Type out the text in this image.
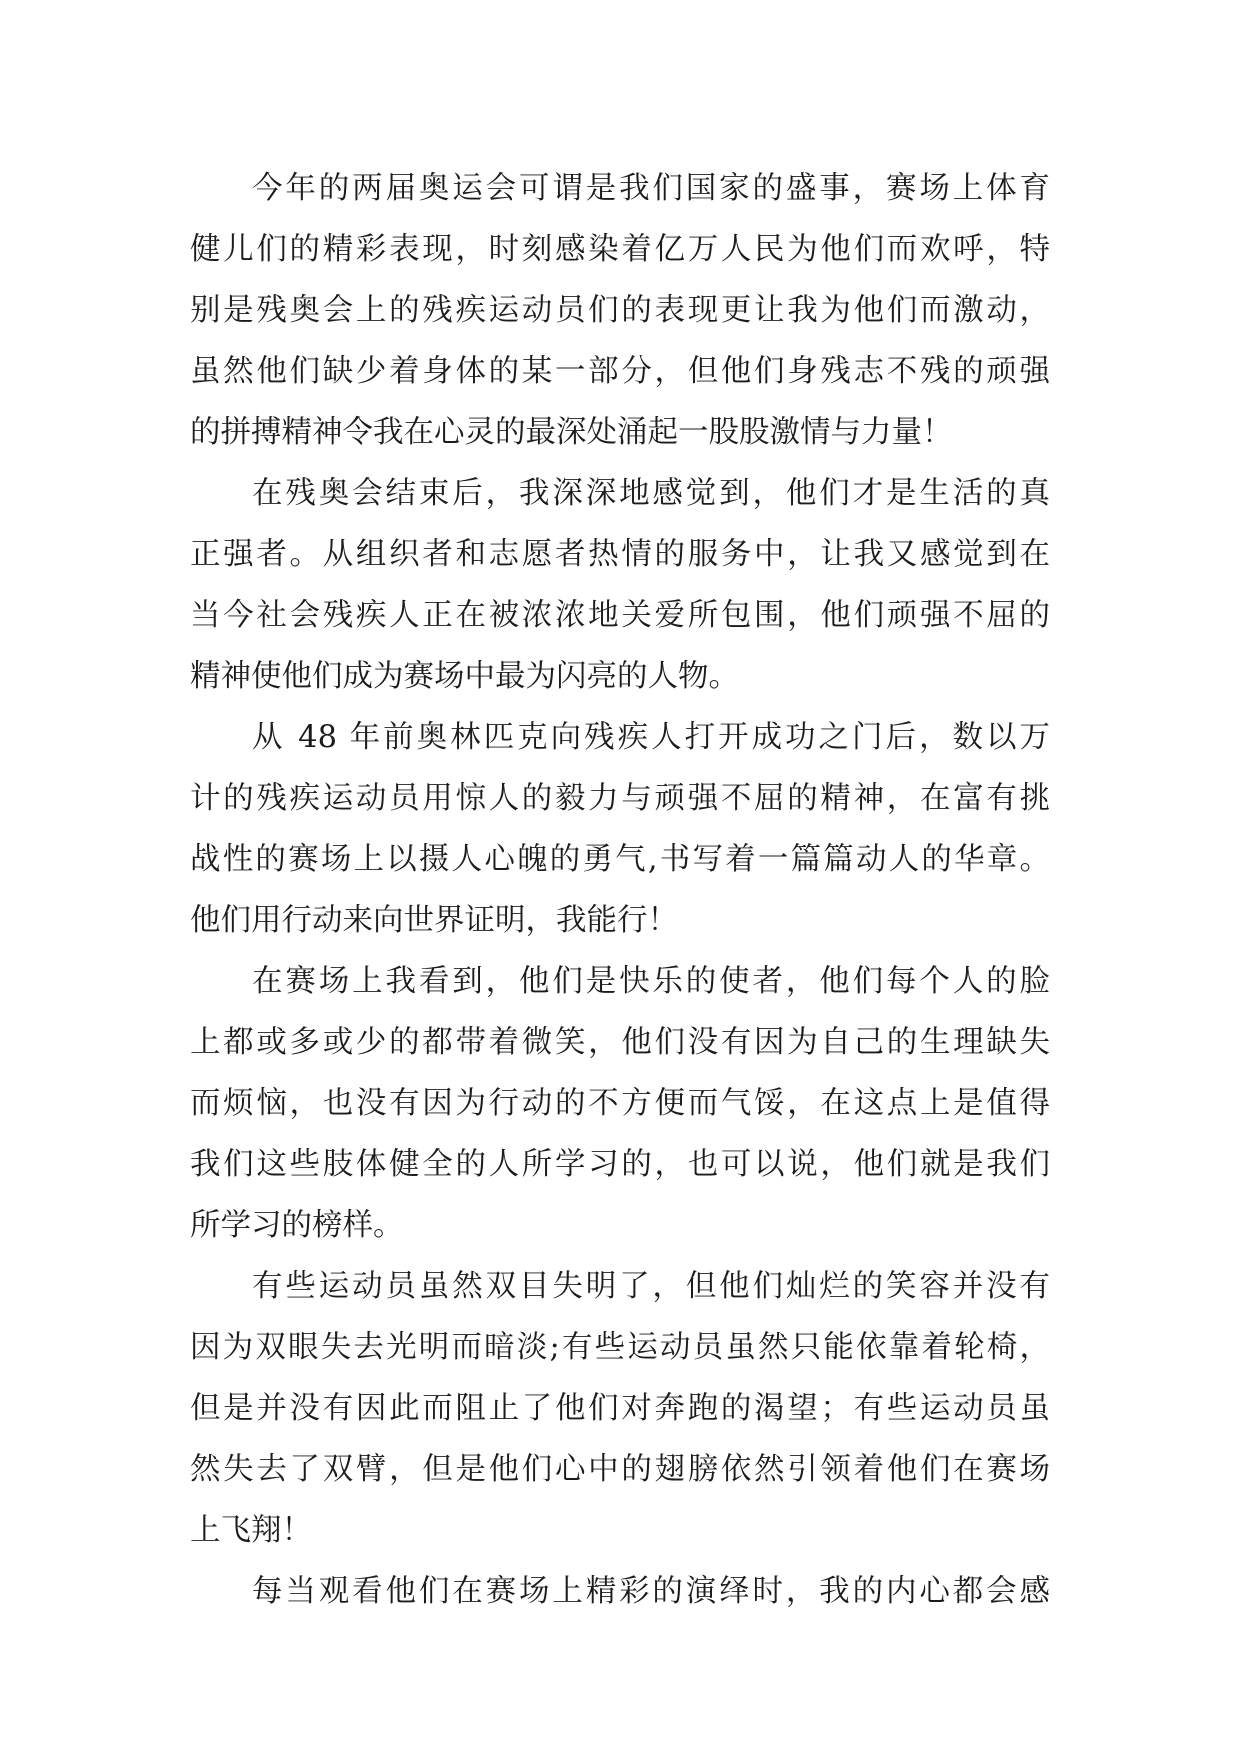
今年的两届奥运会可谓是我们国家的盛事，赛场上体育
健儿们的精彩表现，时刻感染着亿万人民为他们而欢呼，特
别是残奥会上的残疾运动员们的表现更让我为他们而激动，
虽然他们缺少着身体的某一部分，但他们身残志不残的顽强
的拼搏精神令我在心灵的最深处涌起一股股激情与力量！
在残奥会结束后，我深深地感觉到，他们才是生活的真
正强者。从组织者和志愿者热情的服务中，让我又感觉到在
当今社会残疾人正在被浓浓地关爱所包围，他们顽强不屈的
精神使他们成为赛场中最为闪亮的人物。
从 48 年前奥林匹克向残疾人打开成功之门后，数以万
计的残疾运动员用惊人的毅力与顽强不屈的精神，在富有挑
战性的赛场上以摄人心魄的勇气,书写着一篇篇动人的华章。
他们用行动来向世界证明，我能行！
在赛场上我看到，他们是快乐的使者，他们每个人的脸
上都或多或少的都带着微笑，他们没有因为自己的生理缺失
而烦恼，也没有因为行动的不方便而气馁，在这点上是值得
我们这些肢体健全的人所学习的，也可以说，他们就是我们
所学习的榜样。
有些运动员虽然双目失明了，但他们灿烂的笑容并没有
因为双眼失去光明而暗淡;有些运动员虽然只能依靠着轮椅，
但是并没有因此而阻止了他们对奔跑的渴望；有些运动员虽
然失去了双臂，但是他们心中的翅膀依然引领着他们在赛场
上飞翔！
每当观看他们在赛场上精彩的演绎时，我的内心都会感
